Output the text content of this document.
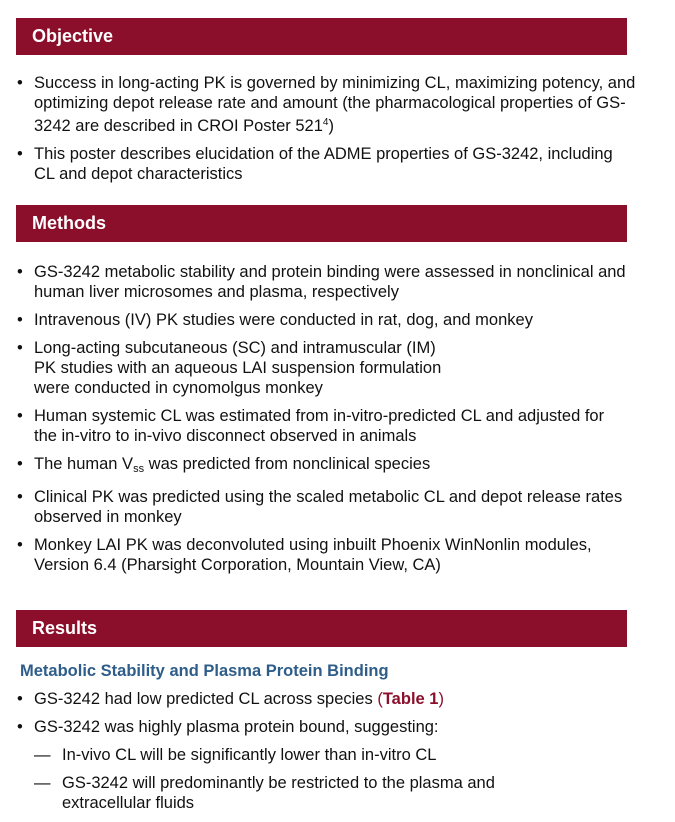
Objective
• Success in long-acting PK is governed by minimizing CL, maximizing potency, and optimizing depot release rate and amount (the pharmacological properties of GS-3242 are described in CROI Poster $521^4$)
• This poster describes elucidation of the ADME properties of GS-3242, including CL and depot characteristics
Methods
• GS-3242 metabolic stability and protein binding were assessed in nonclinical and human liver microsomes and plasma, respectively
• Intravenous (IV) PK studies were conducted in rat, dog, and monkey
• Long-acting subcutaneous (SC) and intramuscular (IM) PK studies with an aqueous LAI suspension formulation were conducted in cynomolgus monkey
• Human systemic CL was estimated from in-vitro-predicted CL and adjusted for the in-vitro to in-vivo disconnect observed in animals
• The human $V_{ss}$ was predicted from nonclinical species
• Clinical PK was predicted using the scaled metabolic CL and depot release rates observed in monkey
• Monkey LAI PK was deconvoluted using inbuilt Phoenix WinNonlin modules, Version 6.4 (Pharsight Corporation, Mountain View, CA)
Results
Metabolic Stability and Plasma Protein Binding
• GS-3242 had low predicted CL across species (Table 1)
• GS-3242 was highly plasma protein bound, suggesting:
— In-vivo CL will be significantly lower than in-vitro CL
— GS-3242 will predominantly be restricted to the plasma and extracellular fluids
